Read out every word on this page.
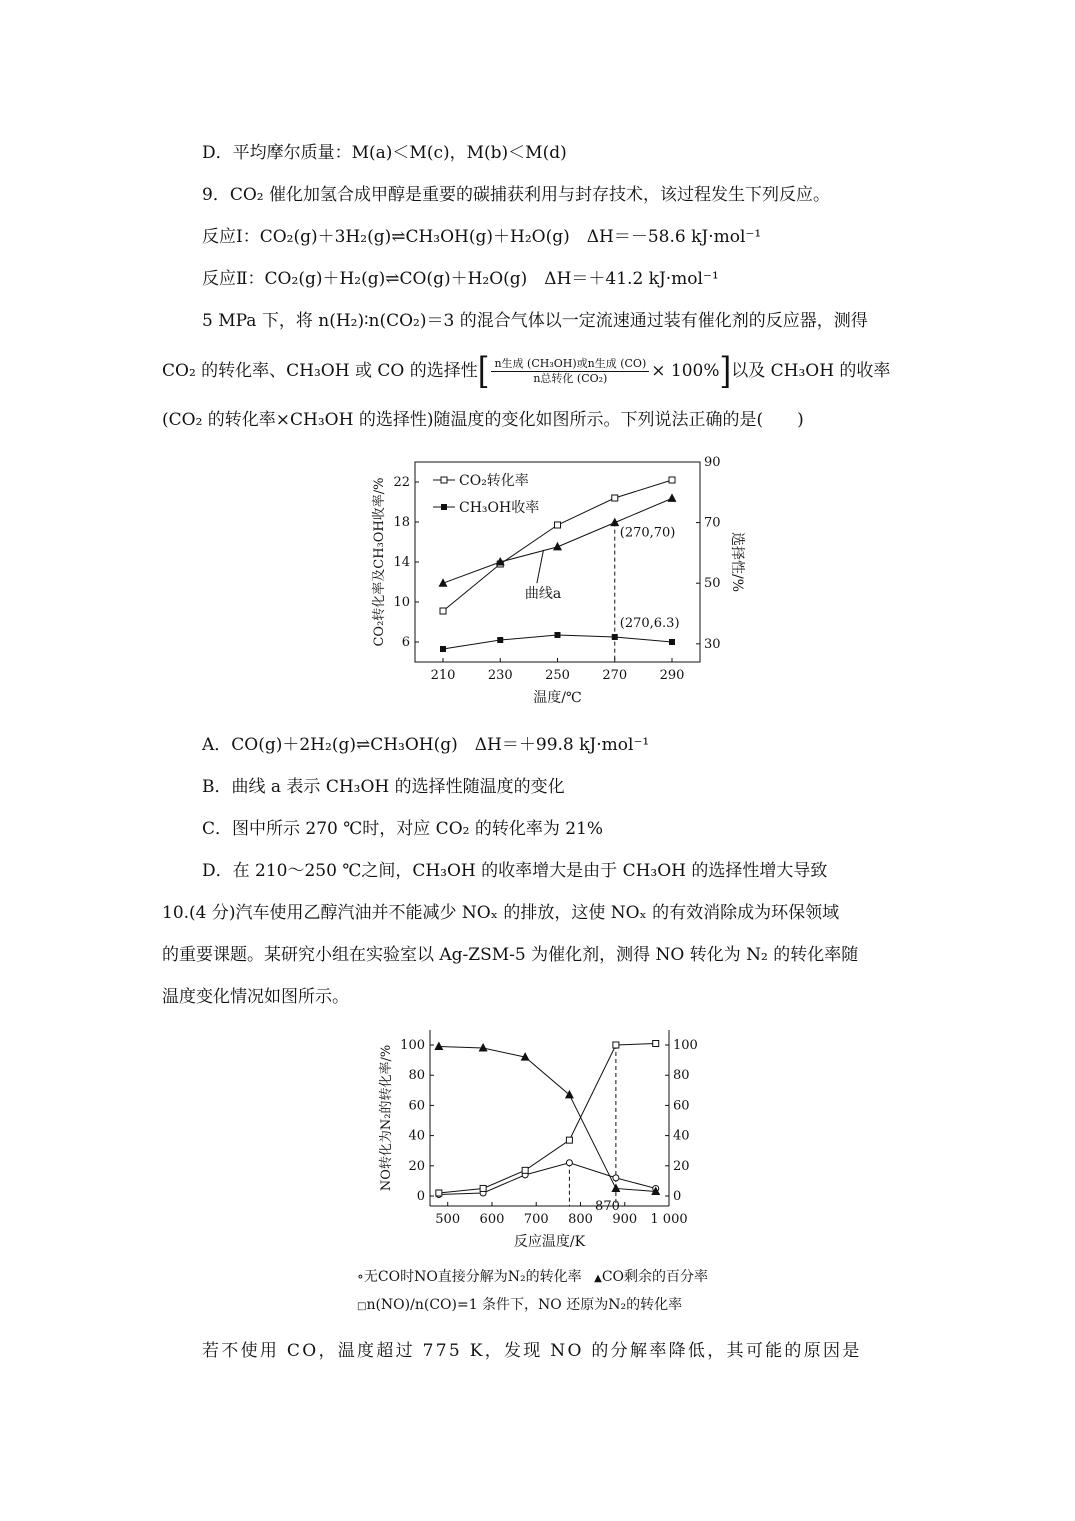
D．平均摩尔质量：M(a)＜M(c)，M(b)＜M(d)
9．CO₂ 催化加氢合成甲醇是重要的碳捕获利用与封存技术，该过程发生下列反应。
反应Ⅰ：CO₂(g)＋3H₂(g)⇌CH₃OH(g)＋H₂O(g)　ΔH＝－58.6 kJ·mol⁻¹
反应Ⅱ：CO₂(g)＋H₂(g)⇌CO(g)＋H₂O(g)　ΔH＝＋41.2 kJ·mol⁻¹
5 MPa 下，将 n(H₂)∶n(CO₂)＝3 的混合气体以一定流速通过装有催化剂的反应器，测得
CO₂ 的转化率、CH₃OH 或 CO 的选择性[ $\frac{\text{n生成 (CH₃OH)或n生成 (CO)}}{\text{n总转化 (CO₂)}} \times 100\%$]以及 CH₃OH 的收率
(CO₂ 的转化率×CH₃OH 的选择性)随温度的变化如图所示。下列说法正确的是(　　)
210 230 250 270 290
6
10
14
18
22
30
50
70
90
温度/℃
CO₂转化率及CH₃OH收率/%	选择性/%
(270,70)
(270,6.3)
曲线a
CO₂转化率
CH₃OH收率
A．CO(g)＋2H₂(g)⇌CH₃OH(g)　ΔH＝＋99.8 kJ·mol⁻¹
B．曲线 a 表示 CH₃OH 的选择性随温度的变化
C．图中所示 270 ℃时，对应 CO₂ 的转化率为 21%
D．在 210～250 ℃之间，CH₃OH 的收率增大是由于 CH₃OH 的选择性增大导致
10.(4 分)汽车使用乙醇汽油并不能减少 NOₓ 的排放，这使 NOₓ 的有效消除成为环保领域
的重要课题。某研究小组在实验室以 Ag-ZSM-5 为催化剂，测得 NO 转化为 N₂ 的转化率随
温度变化情况如图所示。
500 600 700 800 900 1 000
0	0
20	20
40	40
60	60
80	80
100	100
反应温度/K
NO转化为N₂的转化率/%
870
∘无CO时NO直接分解为N₂的转化率 ▲CO剩余的百分率
□n(NO)/n(CO)=1 条件下，NO 还原为N₂的转化率
若不使用 CO，温度超过 775 K，发现 NO 的分解率降低，其可能的原因是
